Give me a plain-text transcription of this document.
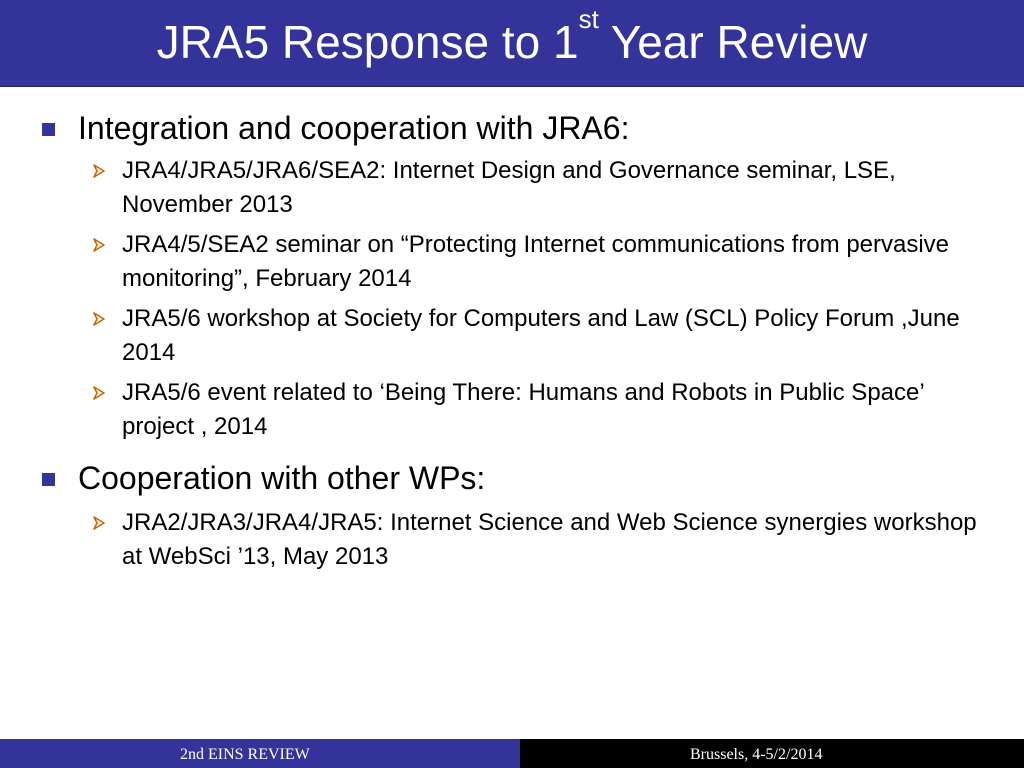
JRA5 Response to 1st Year Review
Integration and cooperation with JRA6:
JRA4/JRA5/JRA6/SEA2: Internet Design and Governance seminar, LSE, November 2013
JRA4/5/SEA2 seminar on “Protecting Internet communications from pervasive monitoring”, February 2014
JRA5/6 workshop at Society for Computers and Law (SCL) Policy Forum ,June 2014
JRA5/6 event related to ‘Being There: Humans and Robots in Public Space’ project , 2014
Cooperation with other WPs:
JRA2/JRA3/JRA4/JRA5: Internet Science and Web Science synergies workshop at WebSci ’13, May 2013
2nd EINS REVIEW	Brussels, 4-5/2/2014
